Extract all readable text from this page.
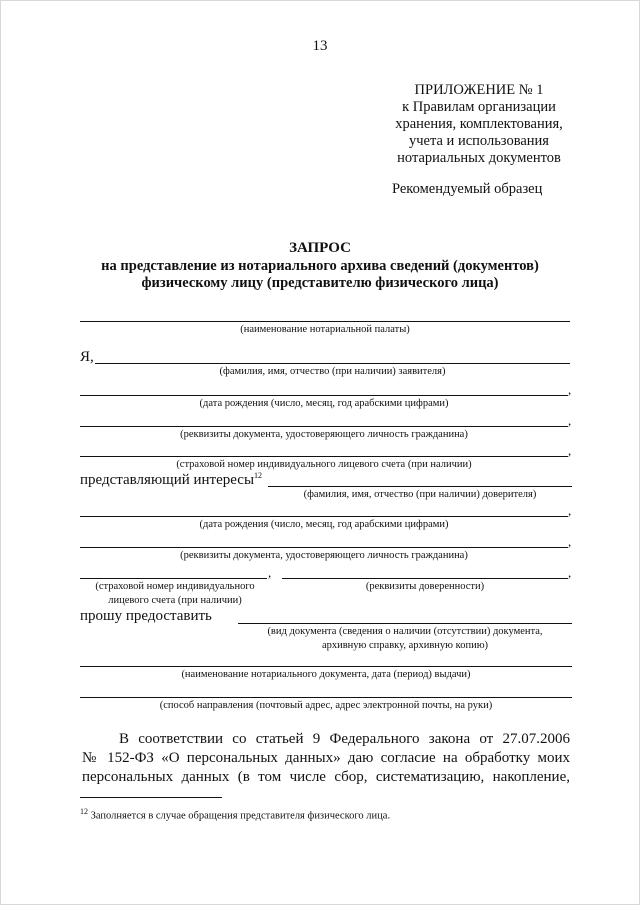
13
ПРИЛОЖЕНИЕ № 1
к Правилам организации
хранения, комплектования,
учета и использования
нотариальных документов
Рекомендуемый образец
ЗАПРОС
на представление из нотариального архива сведений (документов)
физическому лицу (представителю физического лица)
(наименование нотариальной палаты)
Я,
(фамилия, имя, отчество (при наличии) заявителя)
,
(дата рождения (число, месяц, год арабскими цифрами)
,
(реквизиты документа, удостоверяющего личность гражданина)
,
(страховой номер индивидуального лицевого счета (при наличии)
представляющий интересы$^{12}$
(фамилия, имя, отчество (при наличии) доверителя)
,
(дата рождения (число, месяц, год арабскими цифрами)
,
(реквизиты документа, удостоверяющего личность гражданина)
,	,
(страховой номер индивидуального
лицевого счета (при наличии)
(реквизиты доверенности)
прошу предоставить
(вид документа (сведения о наличии (отсутствии) документа,
архивную справку, архивную копию)
(наименование нотариального документа, дата (период) выдачи)
(способ направления (почтовый адрес, адрес электронной почты, на руки)
В соответствии со статьей 9 Федерального закона от 27.07.2006
№ 152-ФЗ «О персональных данных» даю согласие на обработку моих
персональных данных (в том числе сбор, систематизацию, накопление,
$^{12}$ Заполняется в случае обращения представителя физического лица.
